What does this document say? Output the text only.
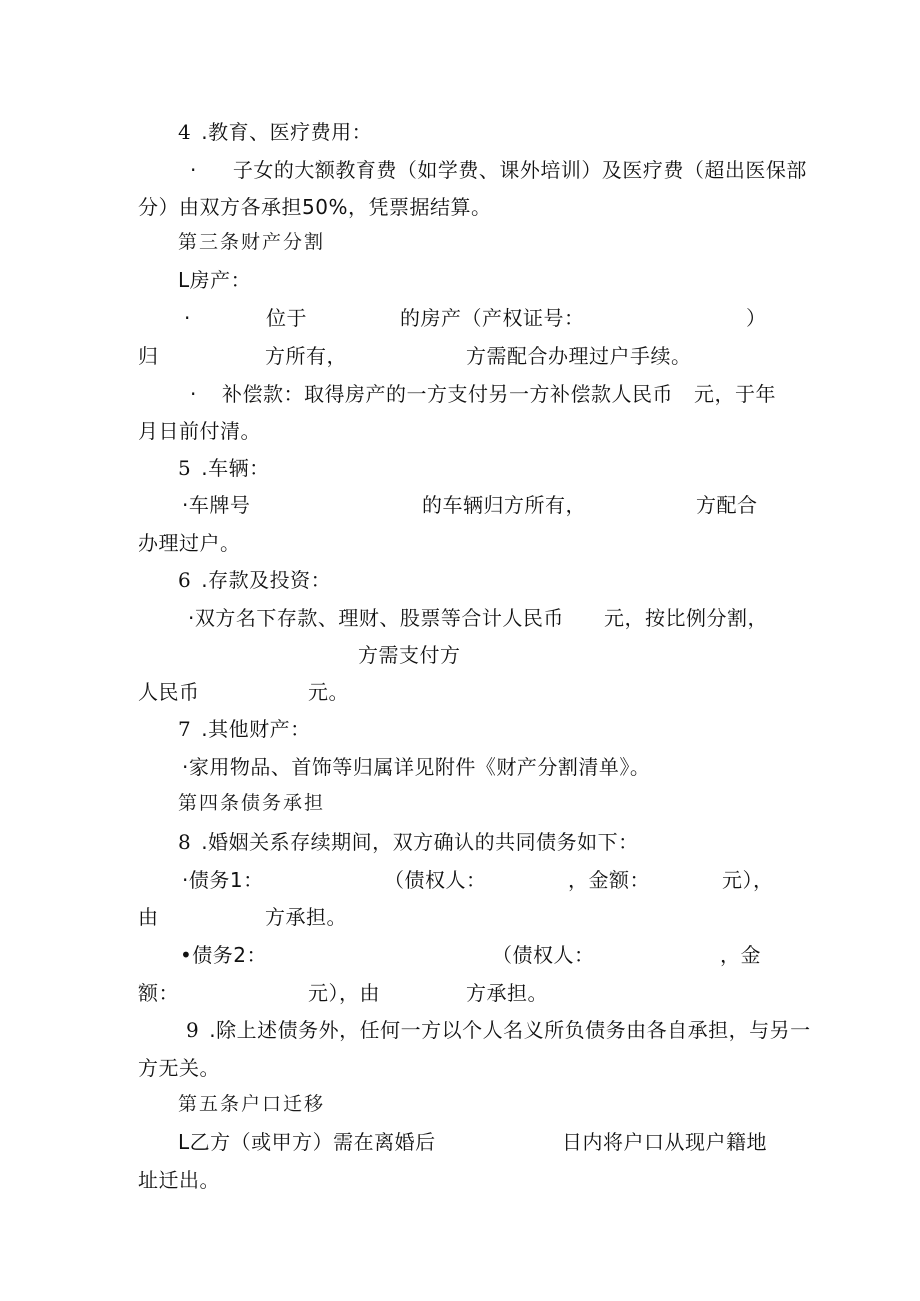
4 .教育、医疗费用：
· 子女的大额教育费（如学费、课外培训）及医疗费（超出医保部
分）由双方各承担50%，凭票据结算。
第三条财产分割
L房产：
·	位于	的房产（产权证号：	）
归	方所有，	方需配合办理过户手续。
· 补偿款：取得房产的一方支付另一方补偿款人民币 元，于年
月日前付清。
5 .车辆：
·车牌号	的车辆归方所有，	方配合
办理过户。
6 .存款及投资：
·双方名下存款、理财、股票等合计人民币 元，按比例分割，
方需支付方
人民币	元。
7 .其他财产：
·家用物品、首饰等归属详见附件《财产分割清单》。
第四条债务承担
8 .婚姻关系存续期间，双方确认的共同债务如下：
·债务1：	（债权人：	，金额：	元），
由	方承担。
•债务2：	（债权人：	，金
额：	元），由	方承担。
9 .除上述债务外，任何一方以个人名义所负债务由各自承担，与另一
方无关。
第五条户口迁移
L乙方（或甲方）需在离婚后	日内将户口从现户籍地
址迁出。
